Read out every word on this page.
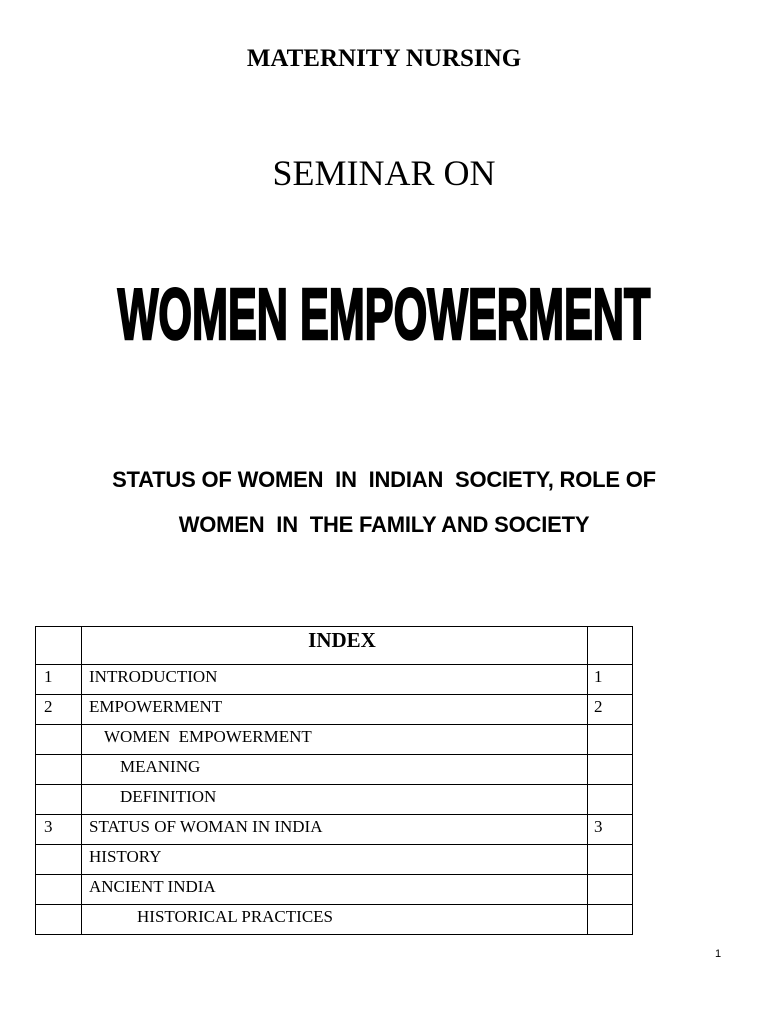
MATERNITY NURSING
SEMINAR ON
WOMEN EMPOWERMENT
STATUS OF WOMEN  IN  INDIAN  SOCIETY, ROLE OF
WOMEN  IN  THE FAMILY AND SOCIETY
INDEX
1	INTRODUCTION	1
2	EMPOWERMENT	2
WOMEN  EMPOWERMENT
MEANING
DEFINITION
3	STATUS OF WOMAN IN INDIA	3
HISTORY
ANCIENT INDIA
HISTORICAL PRACTICES
1
